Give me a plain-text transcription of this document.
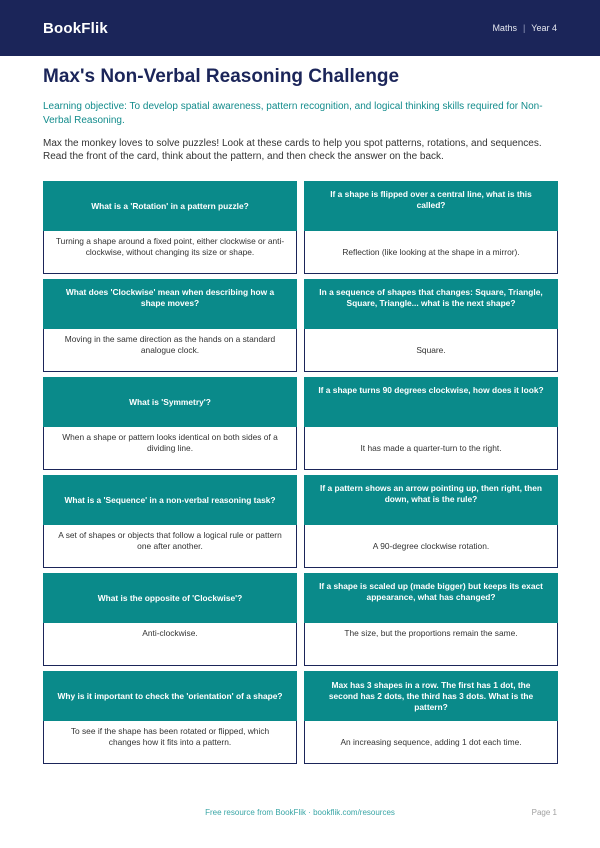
BookFlik	Maths | Year 4
Max's Non-Verbal Reasoning Challenge

Learning objective: To develop spatial awareness, pattern recognition, and logical thinking skills required for Non-Verbal Reasoning.

Max the monkey loves to solve puzzles! Look at these cards to help you spot patterns, rotations, and sequences. Read the front of the card, think about the pattern, and then check the answer on the back.

What is a 'Rotation' in a pattern puzzle?
Turning a shape around a fixed point, either clockwise or anti-clockwise, without changing its size or shape.
If a shape is flipped over a central line, what is this called?
Reflection (like looking at the shape in a mirror).
What does 'Clockwise' mean when describing how a shape moves?
Moving in the same direction as the hands on a standard analogue clock.
In a sequence of shapes that changes: Square, Triangle, Square, Triangle... what is the next shape?
Square.
What is 'Symmetry'?
When a shape or pattern looks identical on both sides of a dividing line.
If a shape turns 90 degrees clockwise, how does it look?
It has made a quarter-turn to the right.
What is a 'Sequence' in a non-verbal reasoning task?
A set of shapes or objects that follow a logical rule or pattern one after another.
If a pattern shows an arrow pointing up, then right, then down, what is the rule?
A 90-degree clockwise rotation.
What is the opposite of 'Clockwise'?
Anti-clockwise.
If a shape is scaled up (made bigger) but keeps its exact appearance, what has changed?
The size, but the proportions remain the same.
Why is it important to check the 'orientation' of a shape?
To see if the shape has been rotated or flipped, which changes how it fits into a pattern.
Max has 3 shapes in a row. The first has 1 dot, the second has 2 dots, the third has 3 dots. What is the pattern?
An increasing sequence, adding 1 dot each time.
Free resource from BookFlik · bookflik.com/resources	Page 1
